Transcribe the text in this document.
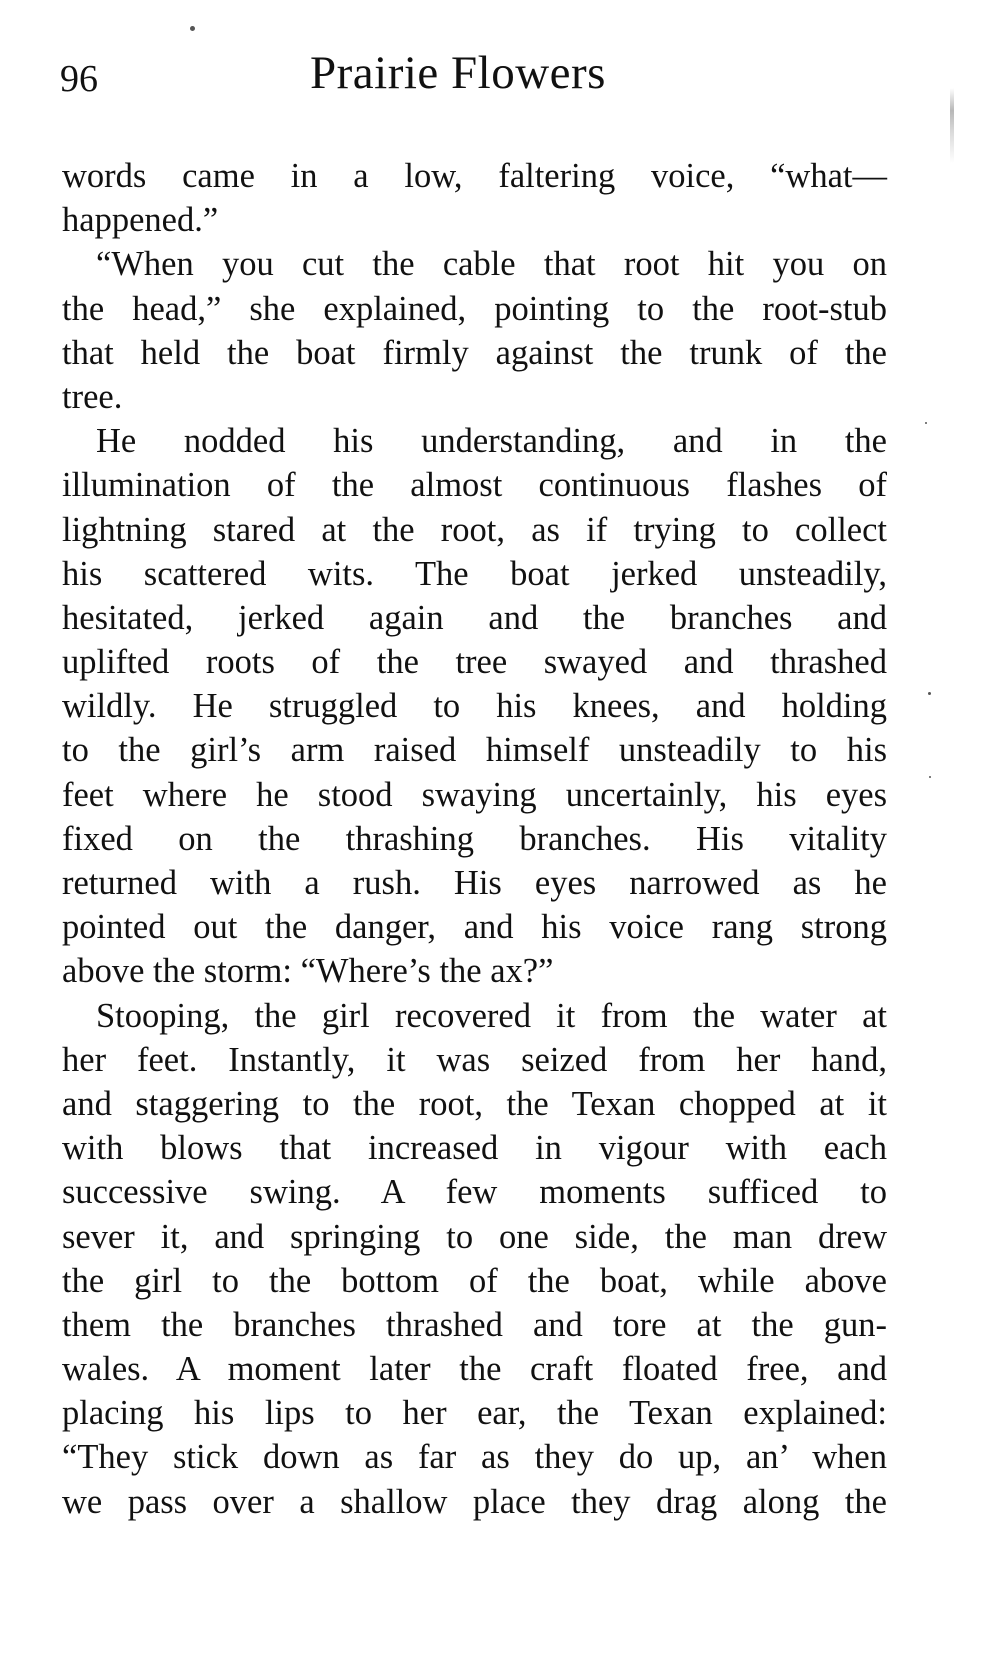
96	Prairie Flowers
words came in a low, faltering voice, “what—
happened.”
“When you cut the cable that root hit you on
the head,” she explained, pointing to the root-stub
that held the boat firmly against the trunk of the
tree.
He nodded his understanding, and in the
illumination of the almost continuous flashes of
lightning stared at the root, as if trying to collect
his scattered wits. The boat jerked unsteadily,
hesitated, jerked again and the branches and
uplifted roots of the tree swayed and thrashed
wildly. He struggled to his knees, and holding
to the girl’s arm raised himself unsteadily to his
feet where he stood swaying uncertainly, his eyes
fixed on the thrashing branches. His vitality
returned with a rush. His eyes narrowed as he
pointed out the danger, and his voice rang strong
above the storm: “Where’s the ax?”
Stooping, the girl recovered it from the water at
her feet. Instantly, it was seized from her hand,
and staggering to the root, the Texan chopped at it
with blows that increased in vigour with each
successive swing. A few moments sufficed to
sever it, and springing to one side, the man drew
the girl to the bottom of the boat, while above
them the branches thrashed and tore at the gun-
wales. A moment later the craft floated free, and
placing his lips to her ear, the Texan explained:
“They stick down as far as they do up, an’ when
we pass over a shallow place they drag along the
